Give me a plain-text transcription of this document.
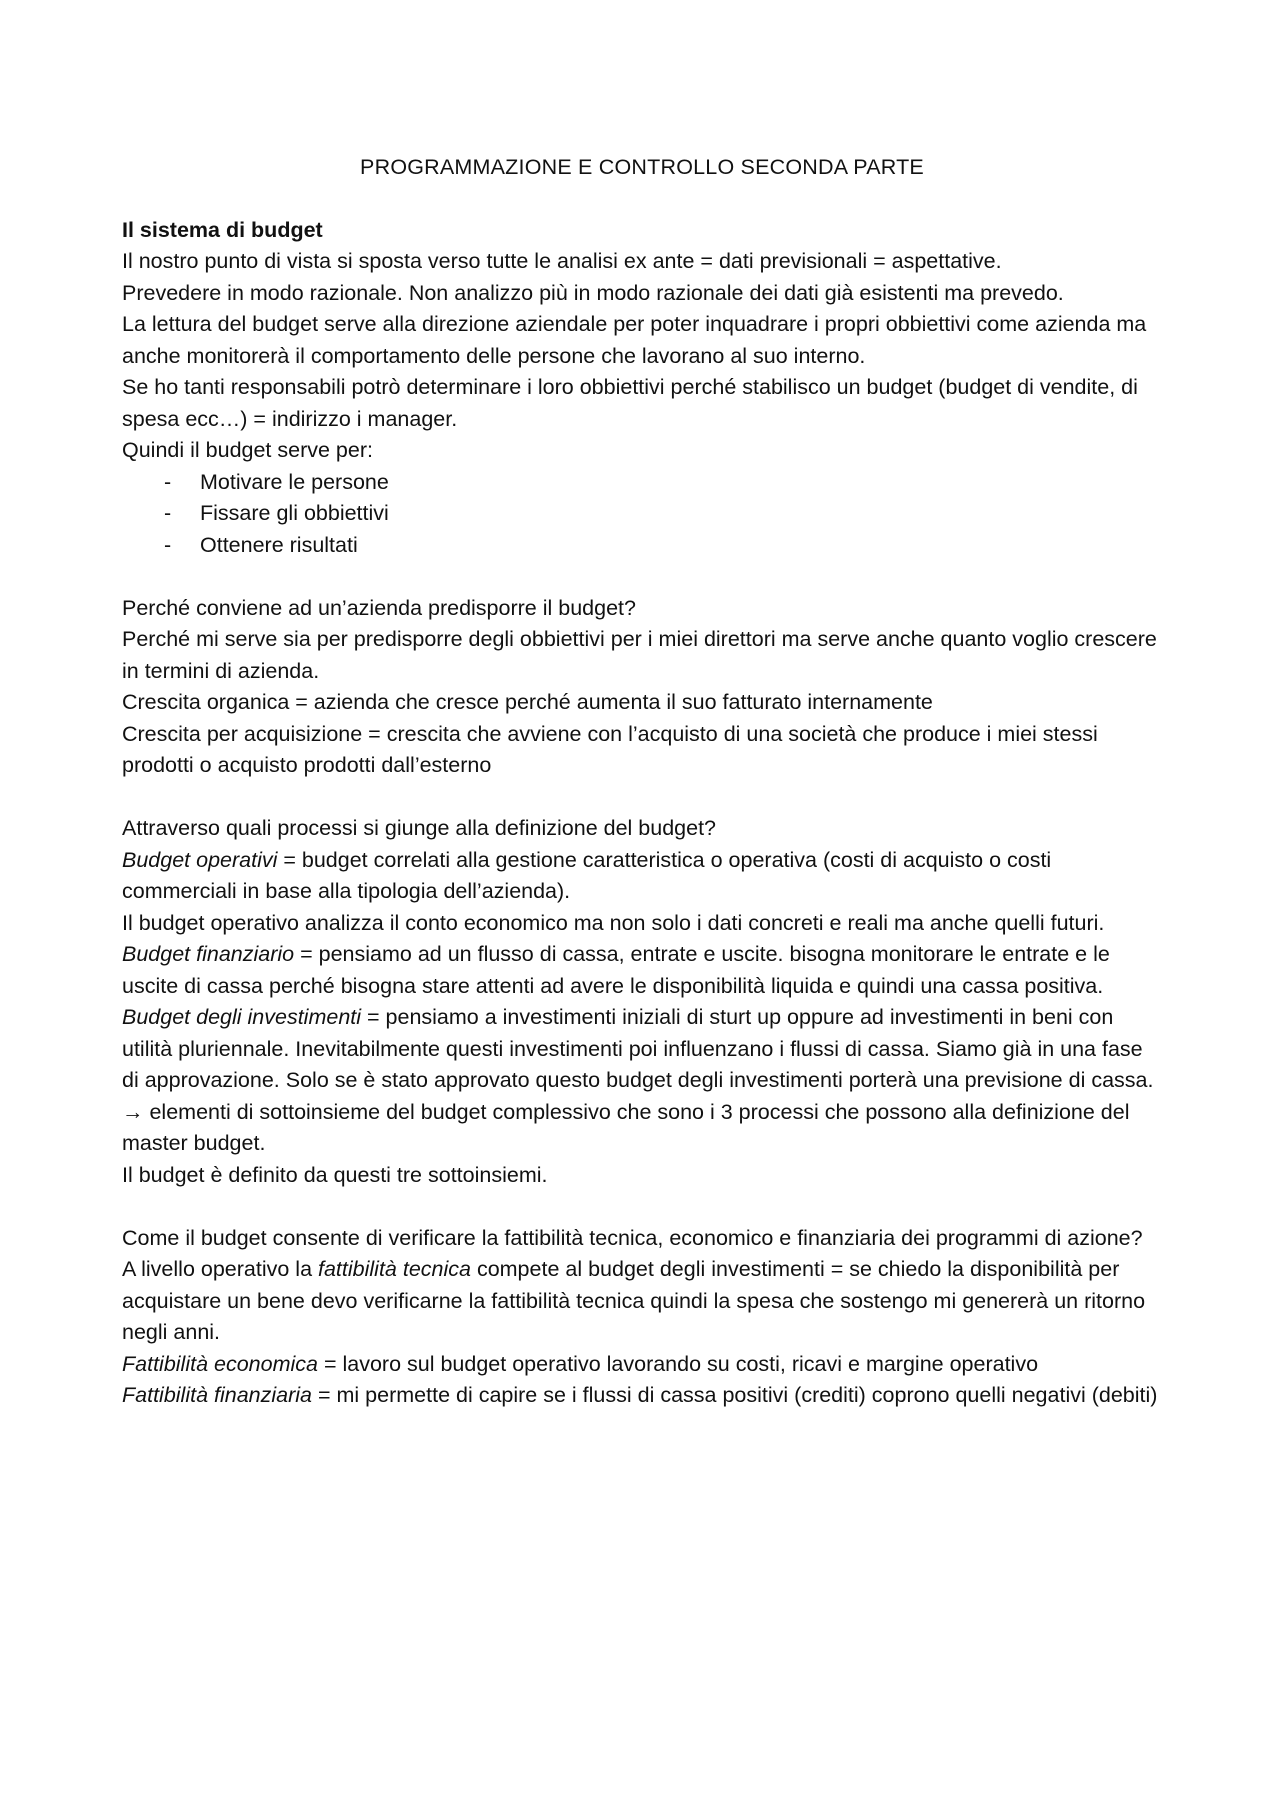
PROGRAMMAZIONE E CONTROLLO SECONDA PARTE
Il sistema di budget

Il nostro punto di vista si sposta verso tutte le analisi ex ante = dati previsionali = aspettative.

Prevedere in modo razionale. Non analizzo più in modo razionale dei dati già esistenti ma prevedo.

La lettura del budget serve alla direzione aziendale per poter inquadrare i propri obbiettivi come azienda ma anche monitorerà il comportamento delle persone che lavorano al suo interno.

Se ho tanti responsabili potrò determinare i loro obbiettivi perché stabilisco un budget (budget di vendite, di spesa ecc…) = indirizzo i manager.

Quindi il budget serve per:

- Motivare le persone
- Fissare gli obbiettivi
- Ottenere risultati

Perché conviene ad un’azienda predisporre il budget?

Perché mi serve sia per predisporre degli obbiettivi per i miei direttori ma serve anche quanto voglio crescere in termini di azienda.

Crescita organica = azienda che cresce perché aumenta il suo fatturato internamente

Crescita per acquisizione = crescita che avviene con l’acquisto di una società che produce i miei stessi prodotti o acquisto prodotti dall’esterno

Attraverso quali processi si giunge alla definizione del budget?

Budget operativi = budget correlati alla gestione caratteristica o operativa (costi di acquisto o costi commerciali in base alla tipologia dell’azienda).

Il budget operativo analizza il conto economico ma non solo i dati concreti e reali ma anche quelli futuri.

Budget finanziario = pensiamo ad un flusso di cassa, entrate e uscite. bisogna monitorare le entrate e le uscite di cassa perché bisogna stare attenti ad avere le disponibilità liquida e quindi una cassa positiva.

Budget degli investimenti = pensiamo a investimenti iniziali di sturt up oppure ad investimenti in beni con utilità pluriennale. Inevitabilmente questi investimenti poi influenzano i flussi di cassa. Siamo già in una fase di approvazione. Solo se è stato approvato questo budget degli investimenti porterà una previsione di cassa.

→ elementi di sottoinsieme del budget complessivo che sono i 3 processi che possono alla definizione del master budget.

Il budget è definito da questi tre sottoinsiemi.

Come il budget consente di verificare la fattibilità tecnica, economico e finanziaria dei programmi di azione?

A livello operativo la fattibilità tecnica compete al budget degli investimenti = se chiedo la disponibilità per acquistare un bene devo verificarne la fattibilità tecnica quindi la spesa che sostengo mi genererà un ritorno negli anni.

Fattibilità economica = lavoro sul budget operativo lavorando su costi, ricavi e margine operativo

Fattibilità finanziaria = mi permette di capire se i flussi di cassa positivi (crediti) coprono quelli negativi (debiti)
